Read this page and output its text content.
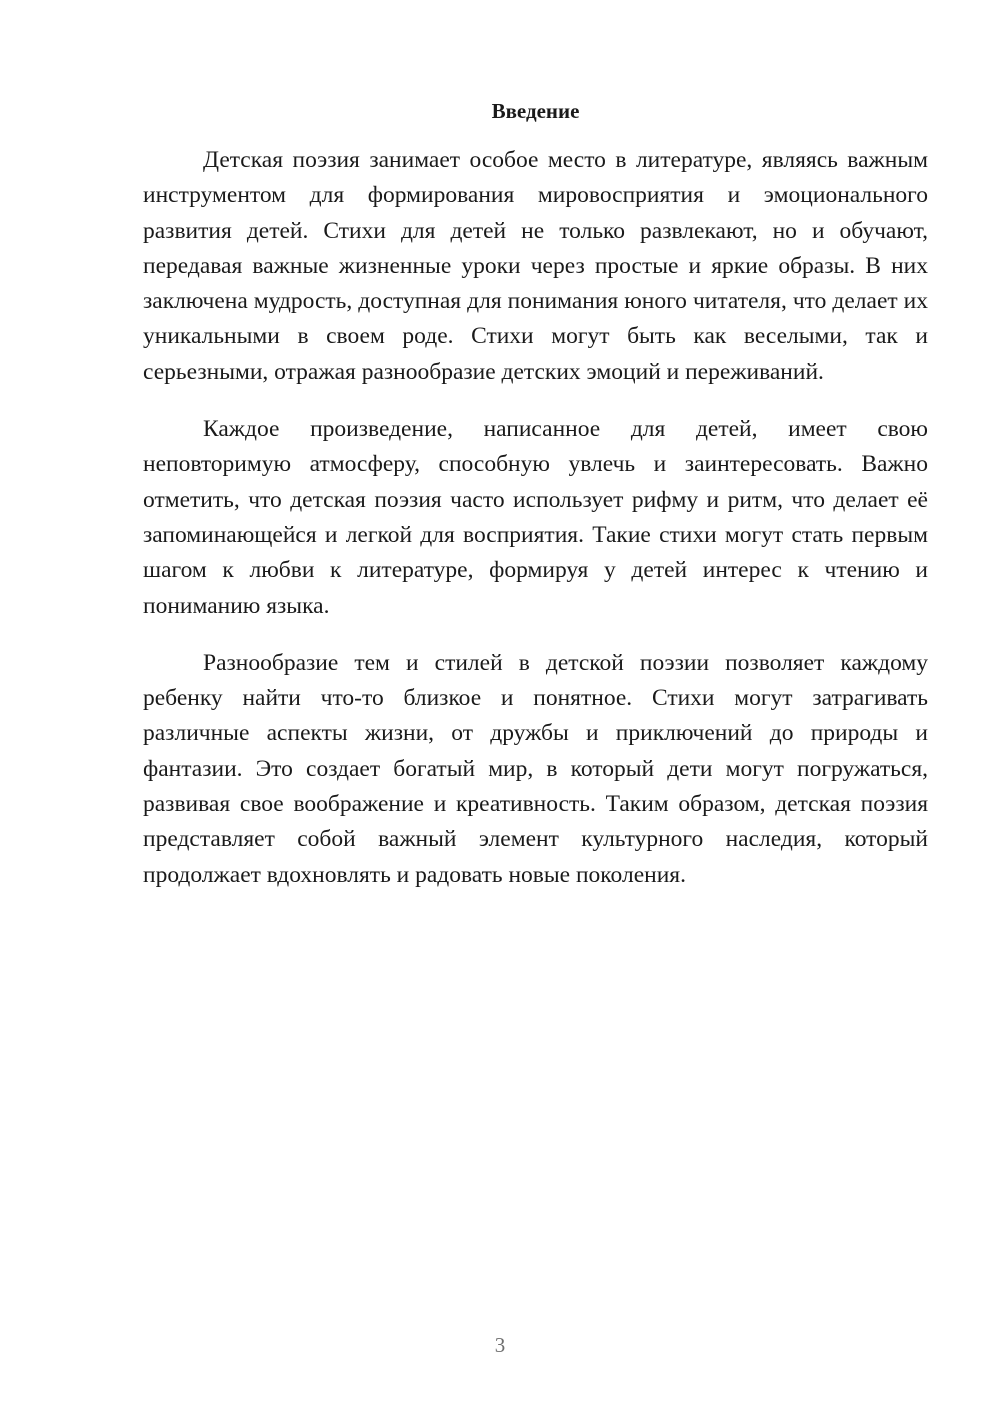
Введение

Детская поэзия занимает особое место в литературе, являясь важным инструментом для формирования мировосприятия и эмоционального развития детей. Стихи для детей не только развлекают, но и обучают, передавая важные жизненные уроки через простые и яркие образы. В них заключена мудрость, доступная для понимания юного читателя, что делает их уникальными в своем роде. Стихи могут быть как веселыми, так и серьезными, отражая разнообразие детских эмоций и переживаний.

Каждое произведение, написанное для детей, имеет свою неповторимую атмосферу, способную увлечь и заинтересовать. Важно отметить, что детская поэзия часто использует рифму и ритм, что делает её запоминающейся и легкой для восприятия. Такие стихи могут стать первым шагом к любви к литературе, формируя у детей интерес к чтению и пониманию языка.

Разнообразие тем и стилей в детской поэзии позволяет каждому ребенку найти что-то близкое и понятное. Стихи могут затрагивать различные аспекты жизни, от дружбы и приключений до природы и фантазии. Это создает богатый мир, в который дети могут погружаться, развивая свое воображение и креативность. Таким образом, детская поэзия представляет собой важный элемент культурного наследия, который продолжает вдохновлять и радовать новые поколения.

3
